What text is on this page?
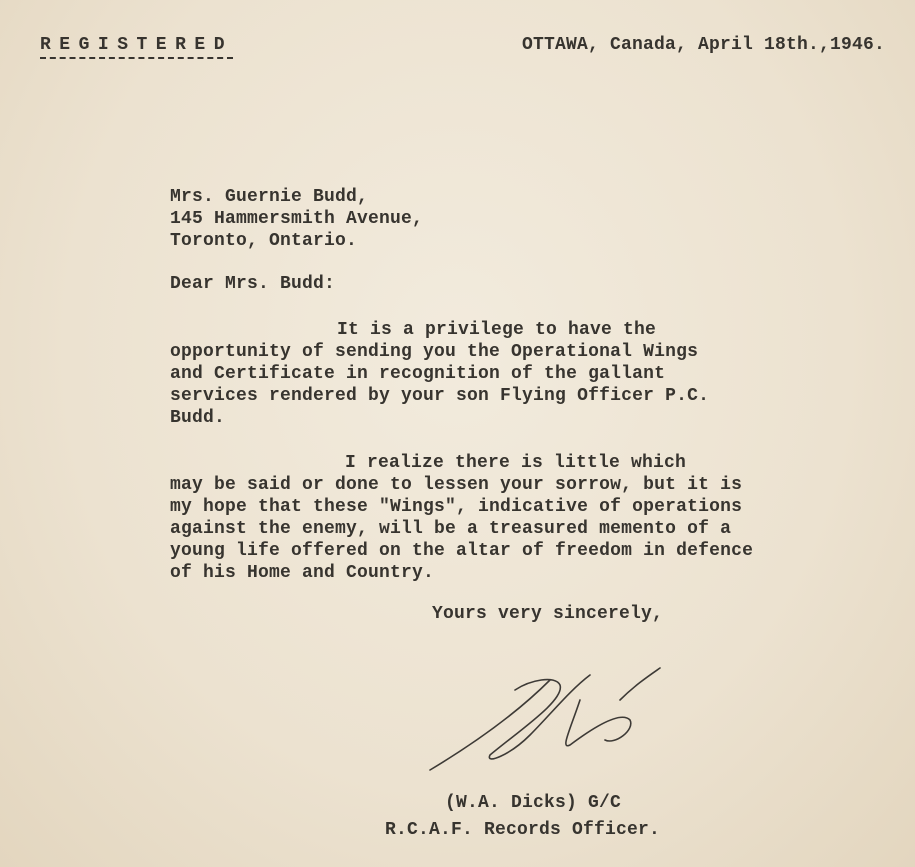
REGISTERED	OTTAWA, Canada, April 18th.,1946.
Mrs. Guernie Budd,
145 Hammersmith Avenue,
Toronto, Ontario.
Dear Mrs. Budd:
It is a privilege to have the
opportunity of sending you the Operational Wings
and Certificate in recognition of the gallant
services rendered by your son Flying Officer P.C.
Budd.
I realize there is little which
may be said or done to lessen your sorrow, but it is
my hope that these "Wings", indicative of operations
against the enemy, will be a treasured memento of a
young life offered on the altar of freedom in defence
of his Home and Country.
Yours very sincerely,
(W.A. Dicks) G/C
R.C.A.F. Records Officer.
